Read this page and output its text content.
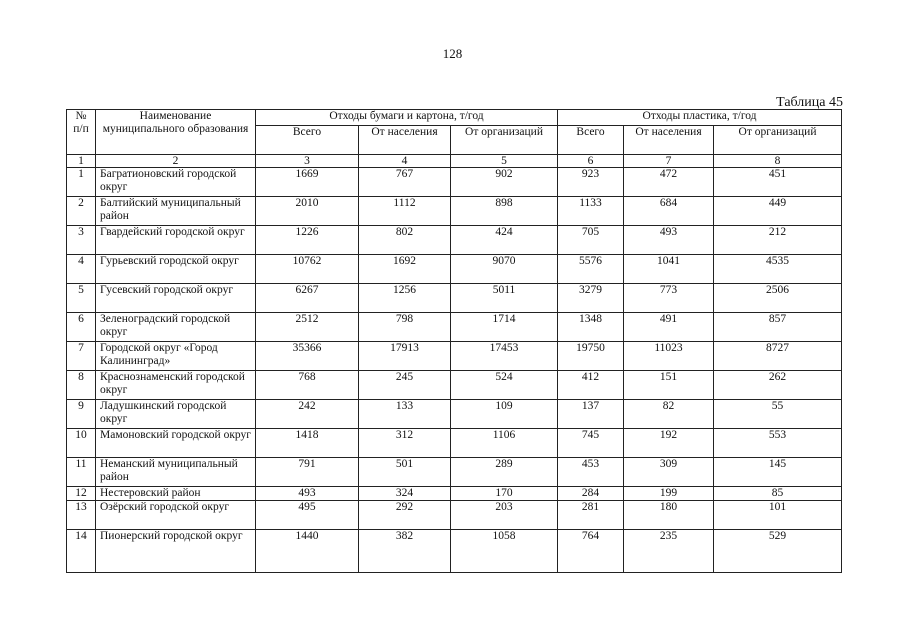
128
Таблица 45
№ п/п	Наименование муниципального образования	Отходы бумаги и картона, т/год			Отходы пластика, т/год		
		Всего	От населения	От организаций	Всего	От населения	От организаций
1	2	3	4	5	6	7	8
1	Багратионовский городской округ	1669	767	902	923	472	451
2	Балтийский муниципальный район	2010	1112	898	1133	684	449
3	Гвардейский городской округ	1226	802	424	705	493	212
4	Гурьевский городской округ	10762	1692	9070	5576	1041	4535
5	Гусевский городской округ	6267	1256	5011	3279	773	2506
6	Зеленоградский городской округ	2512	798	1714	1348	491	857
7	Городской округ «Город Калининград»	35366	17913	17453	19750	11023	8727
8	Краснознаменский городской округ	768	245	524	412	151	262
9	Ладушкинский городской округ	242	133	109	137	82	55
10	Мамоновский городской округ	1418	312	1106	745	192	553
11	Неманский муниципальный район	791	501	289	453	309	145
12	Нестеровский район	493	324	170	284	199	85
13	Озёрский городской округ	495	292	203	281	180	101
14	Пионерский городской округ	1440	382	1058	764	235	529
